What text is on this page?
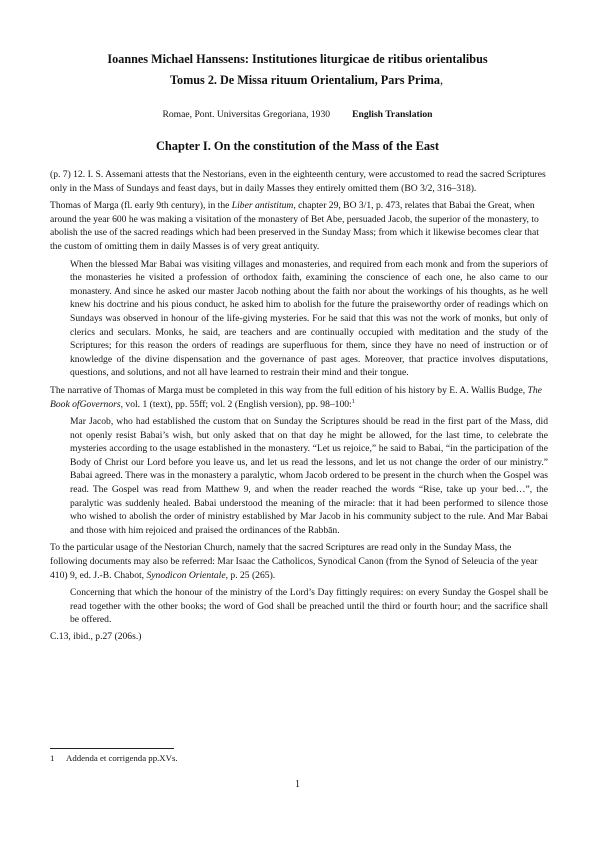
Ioannes Michael Hanssens: Institutiones liturgicae de ritibus orientalibus
Tomus 2. De Missa rituum Orientalium, Pars Prima,
Romae, Pont. Universitas Gregoriana, 1930 English Translation
Chapter I. On the constitution of the Mass of the East

(p. 7) 12. I. S. Assemani attests that the Nestorians, even in the eighteenth century, were accustomed to read the sacred Scriptures only in the Mass of Sundays and feast days, but in daily Masses they entirely omitted them (BO 3/2, 316–318).

Thomas of Marga (fl. early 9th century), in the Liber antistitum, chapter 29, BO 3/1, p. 473, relates that Babai the Great, when around the year 600 he was making a visitation of the monastery of Bet Abe, persuaded Jacob, the superior of the monastery, to abolish the use of the sacred readings which had been preserved in the Sunday Mass; from which it likewise becomes clear that the custom of omitting them in daily Masses is of very great antiquity.

When the blessed Mar Babai was visiting villages and monasteries, and required from each monk and from the superiors of the monasteries he visited a profession of orthodox faith, examining the conscience of each one, he also came to our monastery. And since he asked our master Jacob nothing about the faith nor about the workings of his thoughts, as he well knew his doctrine and his pious conduct, he asked him to abolish for the future the praiseworthy order of readings which on Sundays was observed in honour of the life-giving mysteries. For he said that this was not the work of monks, but only of clerics and seculars. Monks, he said, are teachers and are continually occupied with meditation and the study of the Scriptures; for this reason the orders of readings are superfluous for them, since they have no need of instruction or of knowledge of the divine dispensation and the governance of past ages. Moreover, that practice involves disputations, questions, and solutions, and not all have learned to restrain their mind and their tongue.

The narrative of Thomas of Marga must be completed in this way from the full edition of his history by E. A. Wallis Budge, The Book ofGovernors, vol. 1 (text), pp. 55ff; vol. 2 (English version), pp. 98–100:$^1$

Mar Jacob, who had established the custom that on Sunday the Scriptures should be read in the first part of the Mass, did not openly resist Babai’s wish, but only asked that on that day he might be allowed, for the last time, to celebrate the mysteries according to the usage established in the monastery. “Let us rejoice,” he said to Babai, “in the participation of the Body of Christ our Lord before you leave us, and let us read the lessons, and let us not change the order of our ministry.” Babai agreed. There was in the monastery a paralytic, whom Jacob ordered to be present in the church when the Gospel was read. The Gospel was read from Matthew 9, and when the reader reached the words “Rise, take up your bed…”, the paralytic was suddenly healed. Babai understood the meaning of the miracle: that it had been performed to silence those who wished to abolish the order of ministry established by Mar Jacob in his community subject to the rule. And Mar Babai and those with him rejoiced and praised the ordinances of the Rabbān.

To the particular usage of the Nestorian Church, namely that the sacred Scriptures are read only in the Sunday Mass, the following documents may also be referred: Mar Isaac the Catholicos, Synodical Canon (from the Synod of Seleucia of the year 410) 9, ed. J.-B. Chabot, Synodicon Orientale, p. 25 (265).

Concerning that which the honour of the ministry of the Lord’s Day fittingly requires: on every Sunday the Gospel shall be read together with the other books; the word of God shall be preached until the third or fourth hour; and the sacrifice shall be offered.

C.13, ibid., p.27 (206s.)

1 Addenda et corrigenda pp.XVs.
1
